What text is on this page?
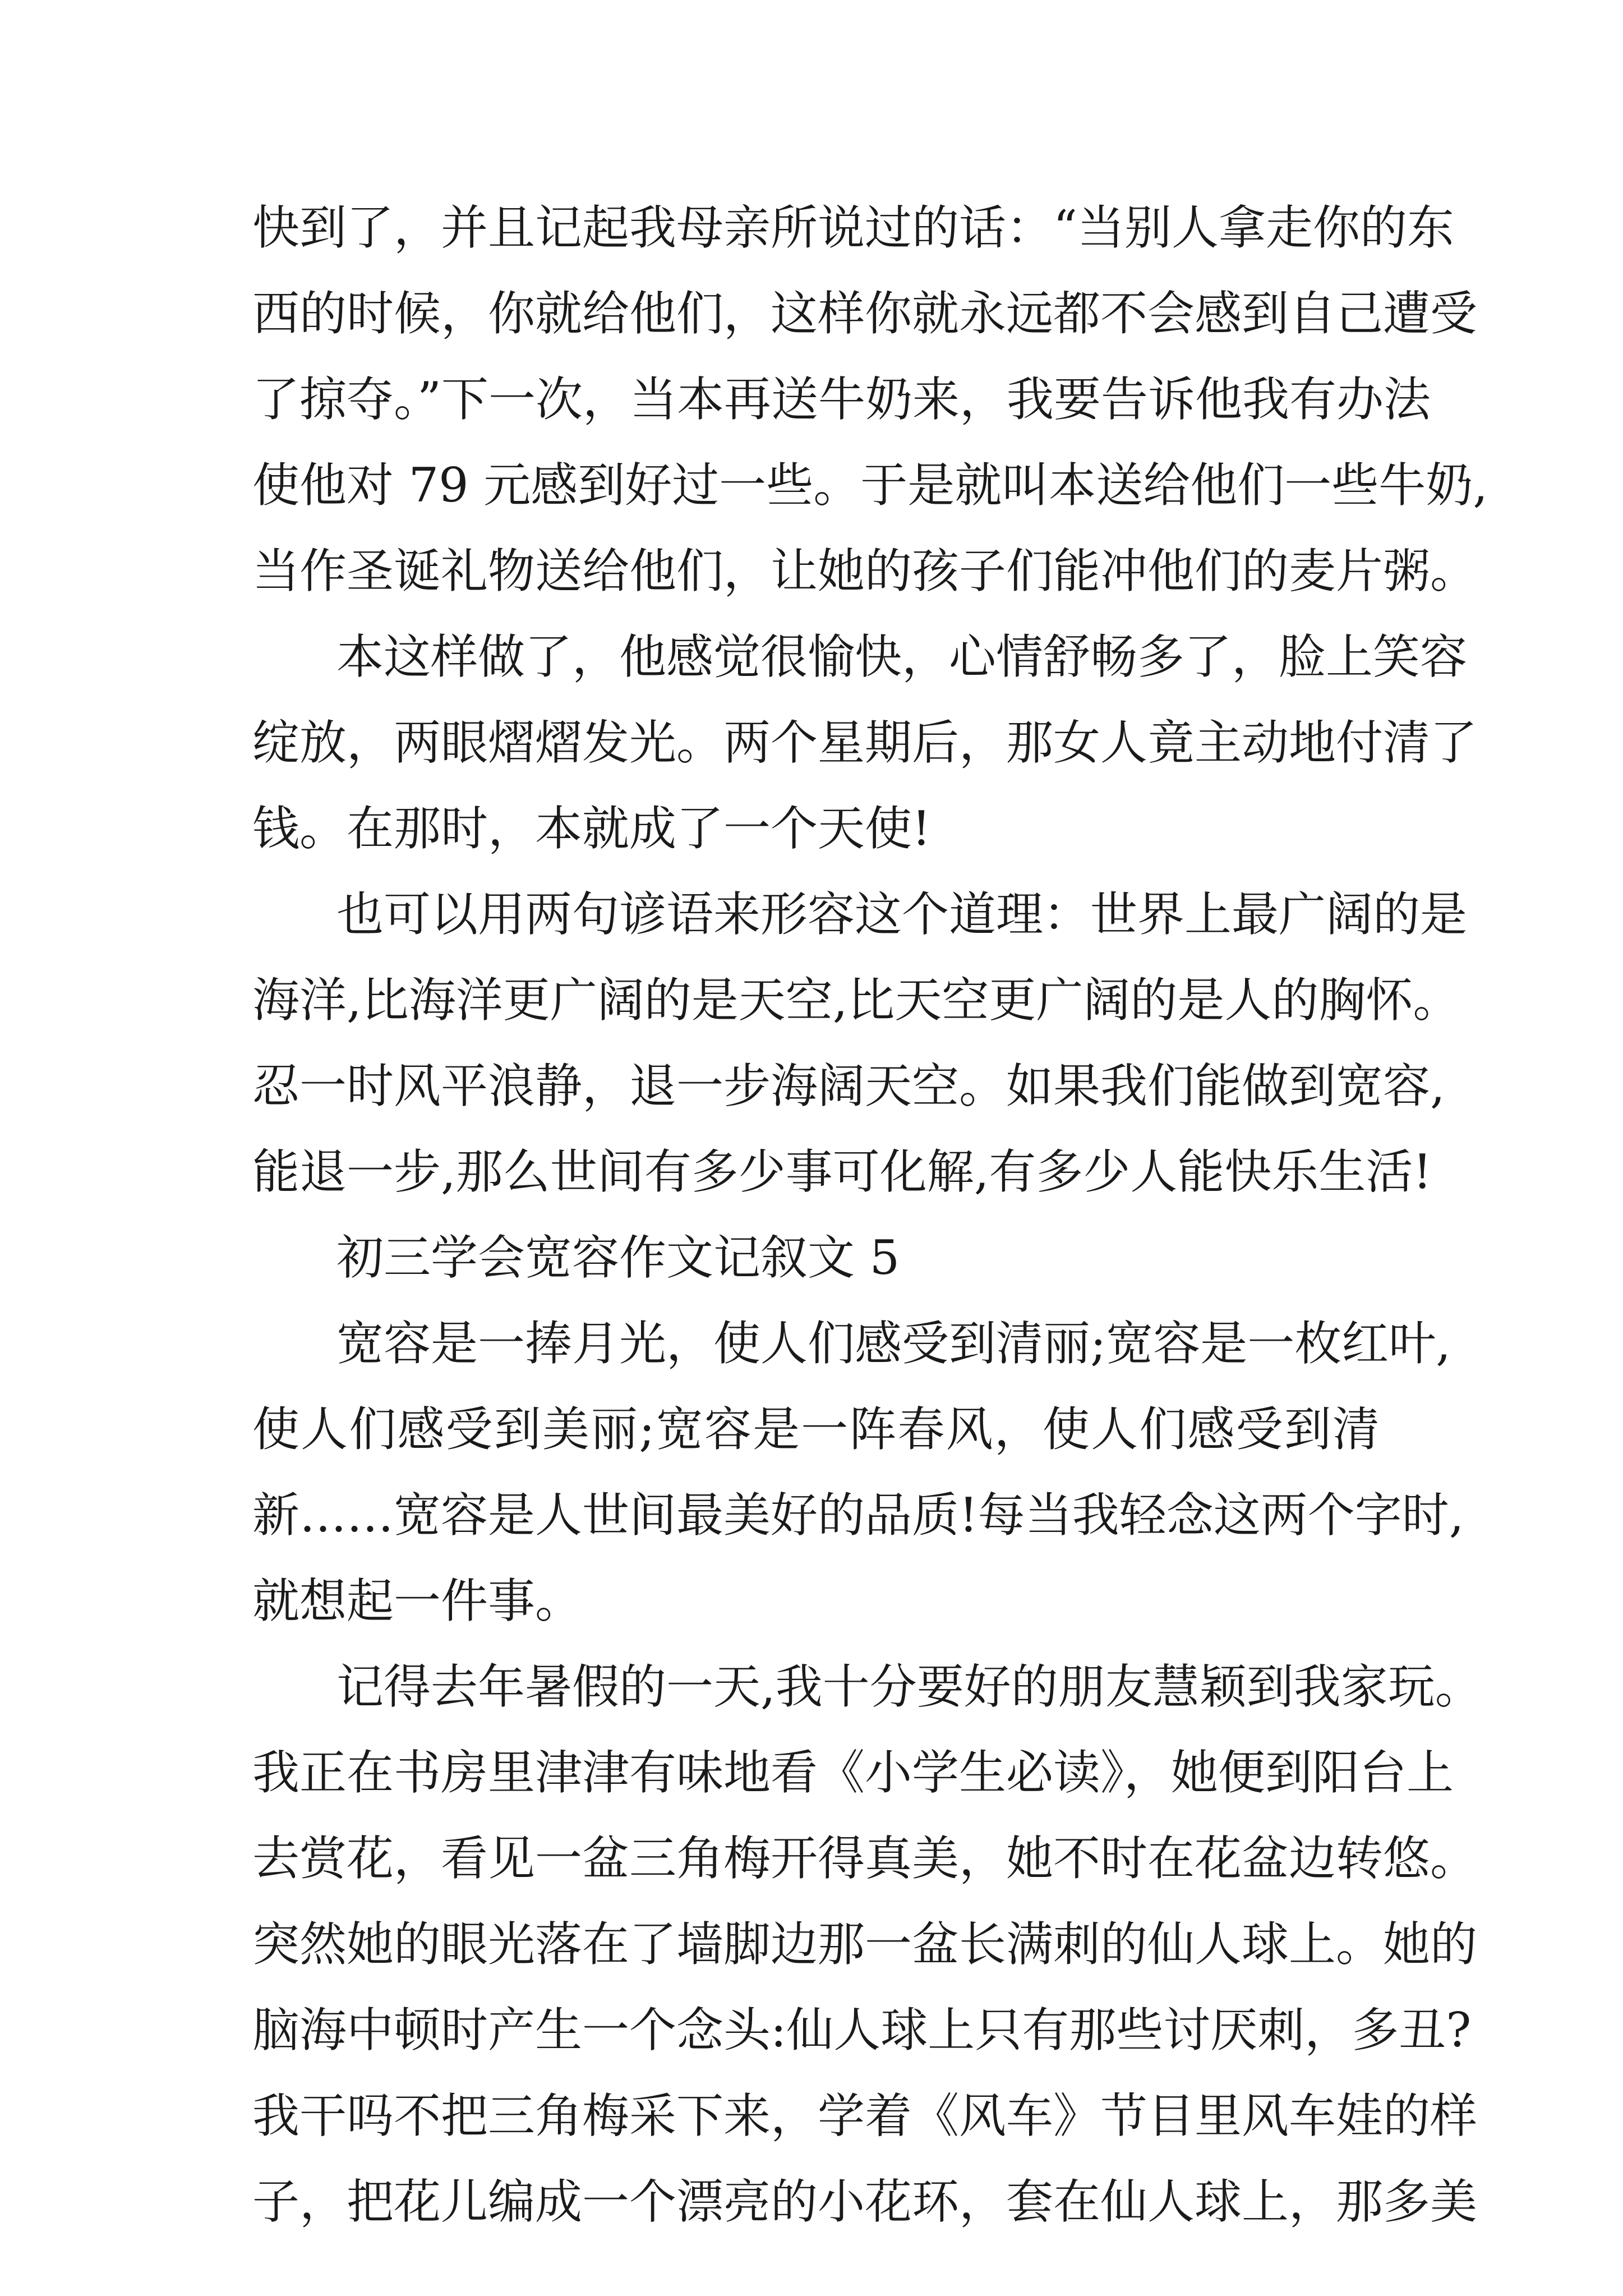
快到了，并且记起我母亲所说过的话：“当别人拿走你的东
西的时候，你就给他们，这样你就永远都不会感到自己遭受
了掠夺。”下一次，当本再送牛奶来，我要告诉他我有办法
使他对 79 元感到好过一些。于是就叫本送给他们一些牛奶,
当作圣诞礼物送给他们，让她的孩子们能冲他们的麦片粥。
本这样做了，他感觉很愉快，心情舒畅多了，脸上笑容
绽放，两眼熠熠发光。两个星期后，那女人竟主动地付清了
钱。在那时，本就成了一个天使!
也可以用两句谚语来形容这个道理：世界上最广阔的是
海洋,比海洋更广阔的是天空,比天空更广阔的是人的胸怀。
忍一时风平浪静，退一步海阔天空。如果我们能做到宽容,
能退一步,那么世间有多少事可化解,有多少人能快乐生活!
初三学会宽容作文记叙文 5
宽容是一捧月光，使人们感受到清丽;宽容是一枚红叶,
使人们感受到美丽;宽容是一阵春风，使人们感受到清
新……宽容是人世间最美好的品质!每当我轻念这两个字时,
就想起一件事。
记得去年暑假的一天,我十分要好的朋友慧颖到我家玩。
我正在书房里津津有味地看《小学生必读》，她便到阳台上
去赏花，看见一盆三角梅开得真美，她不时在花盆边转悠。
突然她的眼光落在了墙脚边那一盆长满刺的仙人球上。她的
脑海中顿时产生一个念头:仙人球上只有那些讨厌刺，多丑?
我干吗不把三角梅采下来，学着《风车》节目里风车娃的样
子，把花儿编成一个漂亮的小花环，套在仙人球上，那多美
